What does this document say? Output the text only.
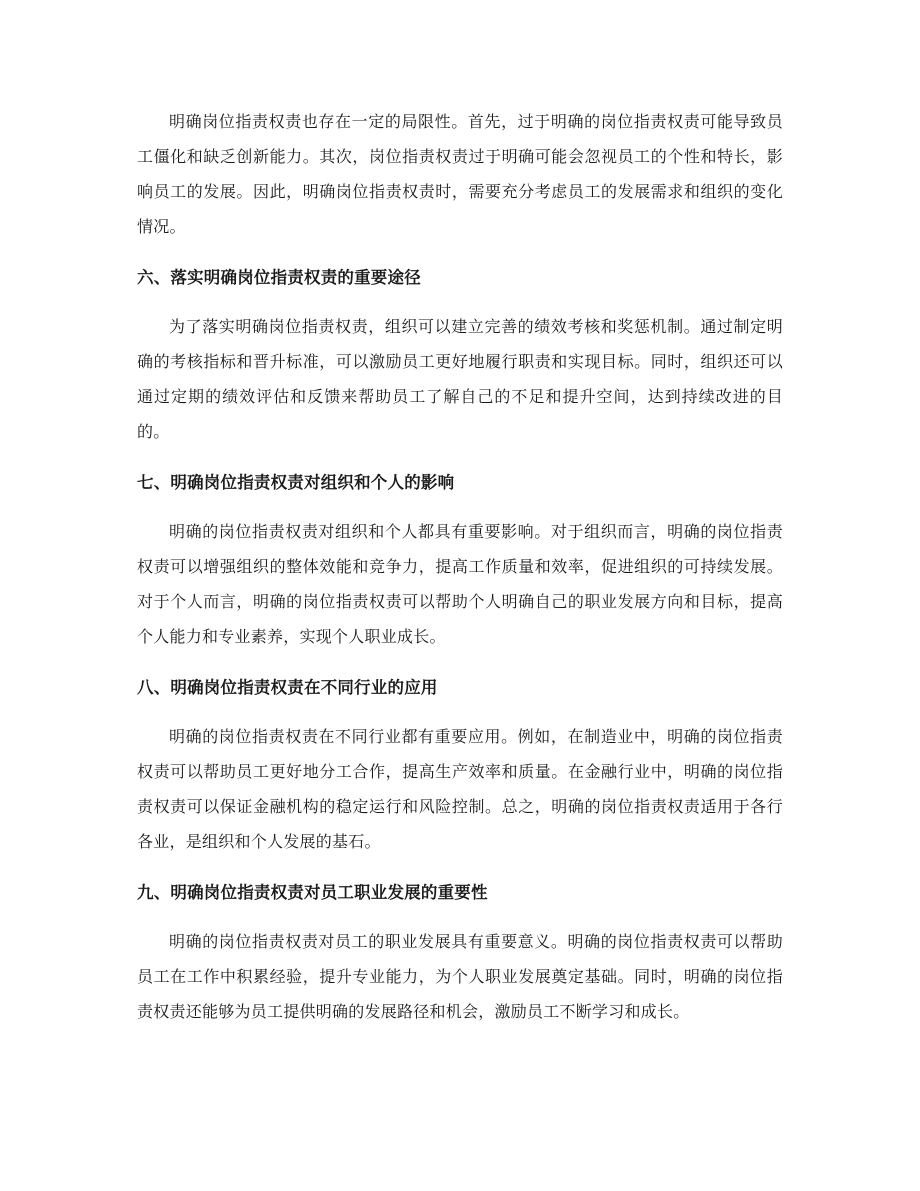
明确岗位指责权责也存在一定的局限性。首先，过于明确的岗位指责权责可能导致员工僵化和缺乏创新能力。其次，岗位指责权责过于明确可能会忽视员工的个性和特长，影响员工的发展。因此，明确岗位指责权责时，需要充分考虑员工的发展需求和组织的变化情况。

六、落实明确岗位指责权责的重要途径

为了落实明确岗位指责权责，组织可以建立完善的绩效考核和奖惩机制。通过制定明确的考核指标和晋升标准，可以激励员工更好地履行职责和实现目标。同时，组织还可以通过定期的绩效评估和反馈来帮助员工了解自己的不足和提升空间，达到持续改进的目的。

七、明确岗位指责权责对组织和个人的影响

明确的岗位指责权责对组织和个人都具有重要影响。对于组织而言，明确的岗位指责权责可以增强组织的整体效能和竞争力，提高工作质量和效率，促进组织的可持续发展。对于个人而言，明确的岗位指责权责可以帮助个人明确自己的职业发展方向和目标，提高个人能力和专业素养，实现个人职业成长。

八、明确岗位指责权责在不同行业的应用

明确的岗位指责权责在不同行业都有重要应用。例如，在制造业中，明确的岗位指责权责可以帮助员工更好地分工合作，提高生产效率和质量。在金融行业中，明确的岗位指责权责可以保证金融机构的稳定运行和风险控制。总之，明确的岗位指责权责适用于各行各业，是组织和个人发展的基石。

九、明确岗位指责权责对员工职业发展的重要性

明确的岗位指责权责对员工的职业发展具有重要意义。明确的岗位指责权责可以帮助员工在工作中积累经验，提升专业能力，为个人职业发展奠定基础。同时，明确的岗位指责权责还能够为员工提供明确的发展路径和机会，激励员工不断学习和成长。
